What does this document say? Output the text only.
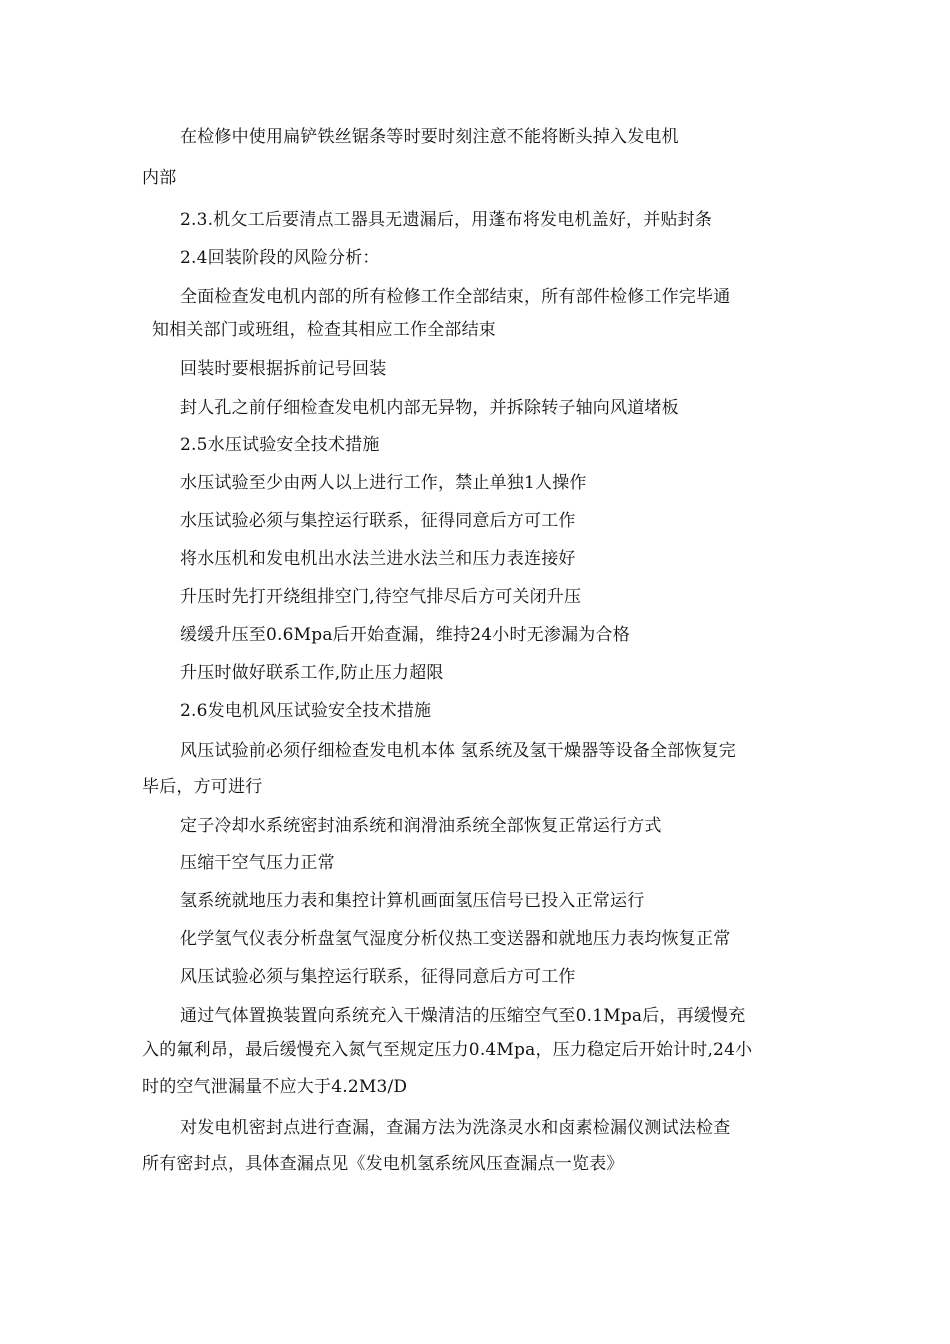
在检修中使用扁铲铁丝锯条等时要时刻注意不能将断头掉入发电机
内部
2.3.机攵工后要清点工器具无遗漏后，用蓬布将发电机盖好，并贴封条
2.4回装阶段的风险分析：
全面检查发电机内部的所有检修工作全部结束，所有部件检修工作完毕通
知相关部门或班组，检查其相应工作全部结束
回装时要根据拆前记号回装
封人孔之前仔细检查发电机内部无异物，并拆除转子轴向风道堵板
2.5水压试验安全技术措施
水压试验至少由两人以上进行工作，禁止单独1人操作
水压试验必须与集控运行联系，征得同意后方可工作
将水压机和发电机出水法兰进水法兰和压力表连接好
升压时先打开绕组排空门,待空气排尽后方可关闭升压
缓缓升压至0.6Mpa后开始查漏，维持24小时无渗漏为合格
升压时做好联系工作,防止压力超限
2.6发电机风压试验安全技术措施
风压试验前必须仔细检查发电机本体 氢系统及氢干燥器等设备全部恢复完
毕后，方可进行
定子冷却水系统密封油系统和润滑油系统全部恢复正常运行方式
压缩干空气压力正常
氢系统就地压力表和集控计算机画面氢压信号已投入正常运行
化学氢气仪表分析盘氢气湿度分析仪热工变送器和就地压力表均恢复正常
风压试验必须与集控运行联系，征得同意后方可工作
通过气体置换装置向系统充入干燥清洁的压缩空气至0.1Mpa后，再缓慢充
入的氟利昂，最后缓慢充入氮气至规定压力0.4Mpa，压力稳定后开始计时,24小
时的空气泄漏量不应大于4.2M3/D
对发电机密封点进行查漏，查漏方法为洗涤灵水和卤素检漏仪测试法检查
所有密封点，具体查漏点见《发电机氢系统风压查漏点一览表》
